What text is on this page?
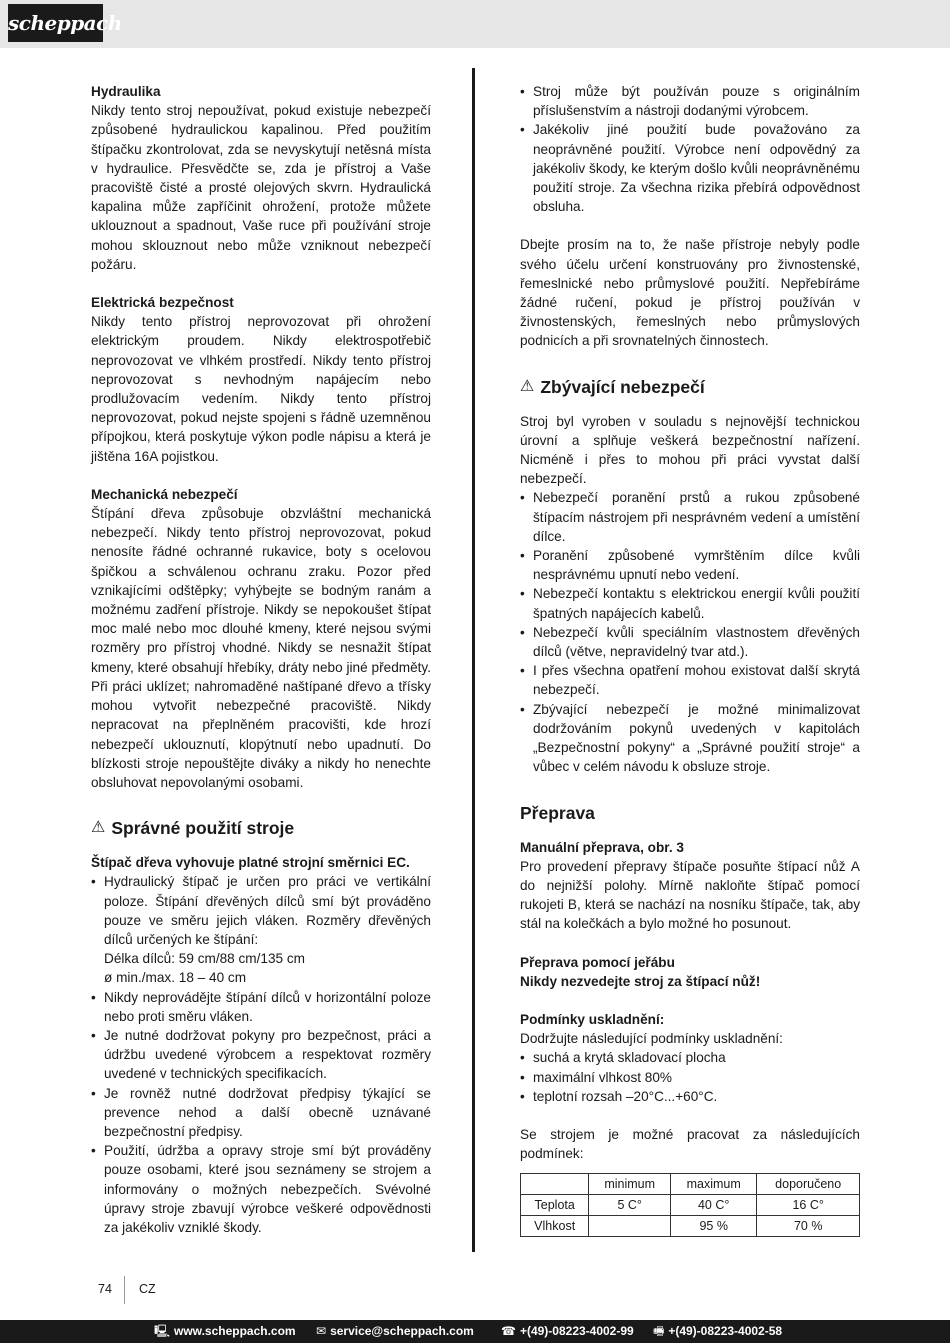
scheppach
Hydraulika

Nikdy tento stroj nepoužívat, pokud existuje nebezpečí způsobené hydraulickou kapalinou. Před použitím štípačku zkontrolovat, zda se nevyskytují netěsná místa v hydraulice. Přesvědčte se, zda je přístroj a Vaše pracoviště čisté a prosté olejových skvrn. Hydraulická kapalina může zapříčinit ohrožení, protože můžete uklouznout a spadnout, Vaše ruce při používání stroje mohou sklouznout nebo může vzniknout nebezpečí požáru.

Elektrická bezpečnost

Nikdy tento přístroj neprovozovat při ohrožení elektrickým proudem. Nikdy elektrospotřebič neprovozovat ve vlhkém prostředí. Nikdy tento přístroj neprovozovat s nevhodným napájecím nebo prodlužovacím vedením. Nikdy tento přístroj neprovozovat, pokud nejste spojeni s řádně uzemněnou přípojkou, která poskytuje výkon podle nápisu a která je jištěna 16A pojistkou.

Mechanická nebezpečí

Štípání dřeva způsobuje obzvláštní mechanická nebezpečí. Nikdy tento přístroj neprovozovat, pokud nenosíte řádné ochranné rukavice, boty s ocelovou špičkou a schválenou ochranu zraku. Pozor před vznikajícími odštěpky; vyhýbejte se bodným ranám a možnému zadření přístroje. Nikdy se nepokoušet štípat moc malé nebo moc dlouhé kmeny, které nejsou svými rozměry pro přístroj vhodné. Nikdy se nesnažit štípat kmeny, které obsahují hřebíky, dráty nebo jiné předměty. Při práci uklízet; nahromaděné naštípané dřevo a třísky mohou vytvořit nebezpečné pracoviště. Nikdy nepracovat na přeplněném pracovišti, kde hrozí nebezpečí uklouznutí, klopýtnutí nebo upadnutí. Do blízkosti stroje nepouštějte diváky a nikdy ho nenechte obsluhovat nepovolanými osobami.

⚠ Správné použití stroje
Štípač dřeva vyhovuje platné strojní směrnici EC.
• Hydraulický štípač je určen pro práci ve vertikální poloze. Štípání dřevěných dílců smí být prováděno pouze ve směru jejich vláken. Rozměry dřevěných dílců určených ke štípání:
Délka dílců: 59 cm/88 cm/135 cm
ø min./max. 18 – 40 cm
• Nikdy neprovádějte štípání dílců v horizontální poloze nebo proti směru vláken.
• Je nutné dodržovat pokyny pro bezpečnost, práci a údržbu uvedené výrobcem a respektovat rozměry uvedené v technických specifikacích.
• Je rovněž nutné dodržovat předpisy týkající se prevence nehod a další obecně uznávané bezpečnostní předpisy.
• Použití, údržba a opravy stroje smí být prováděny pouze osobami, které jsou seznámeny se strojem a informovány o možných nebezpečích. Svévolné úpravy stroje zbavují výrobce veškeré odpovědnosti za jakékoliv vzniklé škody.
• Stroj může být používán pouze s originálním příslušenstvím a nástroji dodanými výrobcem.
• Jakékoliv jiné použití bude považováno za neoprávněné použití. Výrobce není odpovědný za jakékoliv škody, ke kterým došlo kvůli neoprávněnému použití stroje. Za všechna rizika přebírá odpovědnost obsluha.

Dbejte prosím na to, že naše přístroje nebyly podle svého účelu určení konstruovány pro živnostenské, řemeslnické nebo průmyslové použití. Nepřebíráme žádné ručení, pokud je přístroj používán v živnostenských, řemeslných nebo průmyslových podnicích a při srovnatelných činnostech.

⚠ Zbývající nebezpečí

Stroj byl vyroben v souladu s nejnovější technickou úrovní a splňuje veškerá bezpečnostní nařízení. Nicméně i přes to mohou při práci vyvstat další nebezpečí.

• Nebezpečí poranění prstů a rukou způsobené štípacím nástrojem při nesprávném vedení a umístění dílce.
• Poranění způsobené vymrštěním dílce kvůli nesprávnému upnutí nebo vedení.
• Nebezpečí kontaktu s elektrickou energií kvůli použití špatných napájecích kabelů.
• Nebezpečí kvůli speciálním vlastnostem dřevěných dílců (větve, nepravidelný tvar atd.).
• I přes všechna opatření mohou existovat další skrytá nebezpečí.
• Zbývající nebezpečí je možné minimalizovat dodržováním pokynů uvedených v kapitolách „Bezpečnostní pokyny“ a „Správné použití stroje“ a vůbec v celém návodu k obsluze stroje.
Přeprava
Manuální přeprava, obr. 3

Pro provedení přepravy štípače posuňte štípací nůž A do nejnižší polohy. Mírně nakloňte štípač pomocí rukojeti B, která se nachází na nosníku štípače, tak, aby stál na kolečkách a bylo možné ho posunout.

Přeprava pomocí jeřábu
Nikdy nezvedejte stroj za štípací nůž!
Podmínky uskladnění:

Dodržujte následující podmínky uskladnění:

• suchá a krytá skladovací plocha
• maximální vlhkost 80%
• teplotní rozsah –20°C...+60°C.

Se strojem je možné pracovat za následujících podmínek:

	minimum	maximum	doporučeno
Teplota	5 C°	40 C°	16 C°
Vlhkost		95 %	70 %
74 CZ
🖳 www.scheppach.com ✉ service@scheppach.com ☎ +(49)-08223-4002-99 🖷 +(49)-08223-4002-58
